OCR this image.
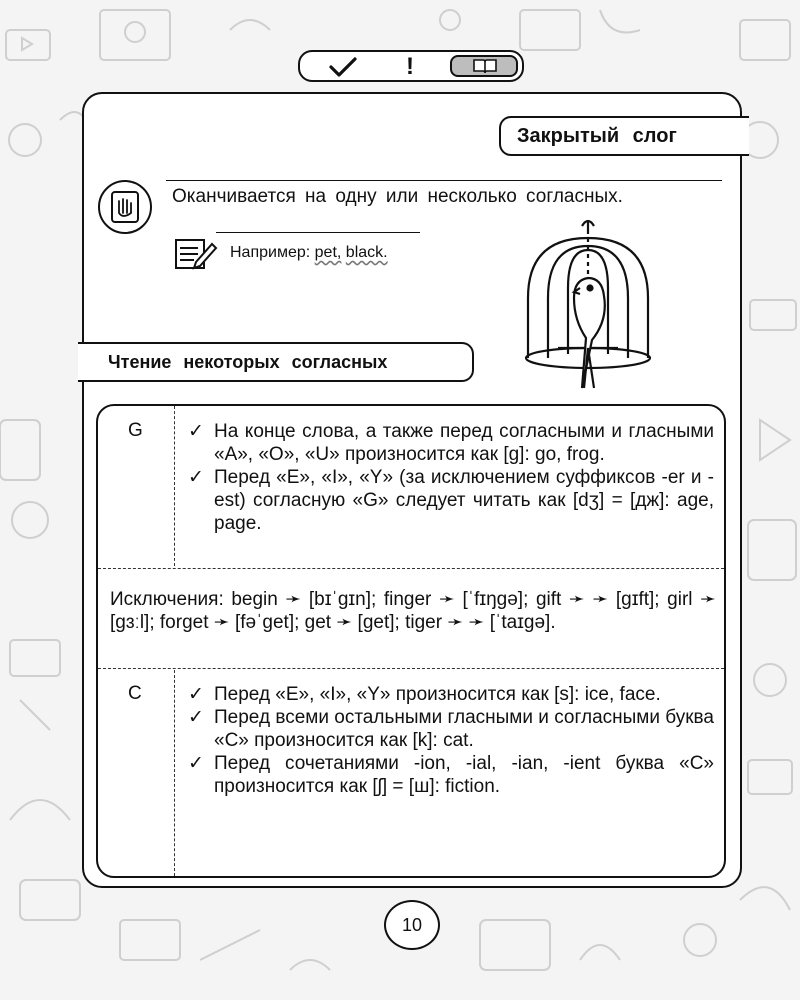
!
Закрытый слог
Оканчивается на одну или несколько согласных.
Например: pet, black.
Чтение некоторых согласных
G ✓ На конце слова, а также перед согласными и гласными «A», «O», «U» произносится как [g]: go, frog.

✓ Перед «E», «I», «Y» (за исключением суффиксов -er и -est) согласную «G» следует читать как [dʒ] = [дж]: age, page.

Исключения: begin ➛ [bɪˈgɪn]; finger ➛ [ˈfɪŋgə]; gift ➛ ➛ [gɪft]; girl ➛ [gɜːl]; forget ➛ [fəˈget]; get ➛ [get]; tiger ➛ ➛ [ˈtaɪgə].
C ✓ Перед «E», «I», «Y» произносится как [s]: ice, face.

✓ Перед всеми остальными гласными и согласными буква «C» произносится как [k]: cat.

✓ Перед сочетаниями -ion, -ial, -ian, -ient буква «C» произносится как [ʃ] = [ш]: fiction.

10
